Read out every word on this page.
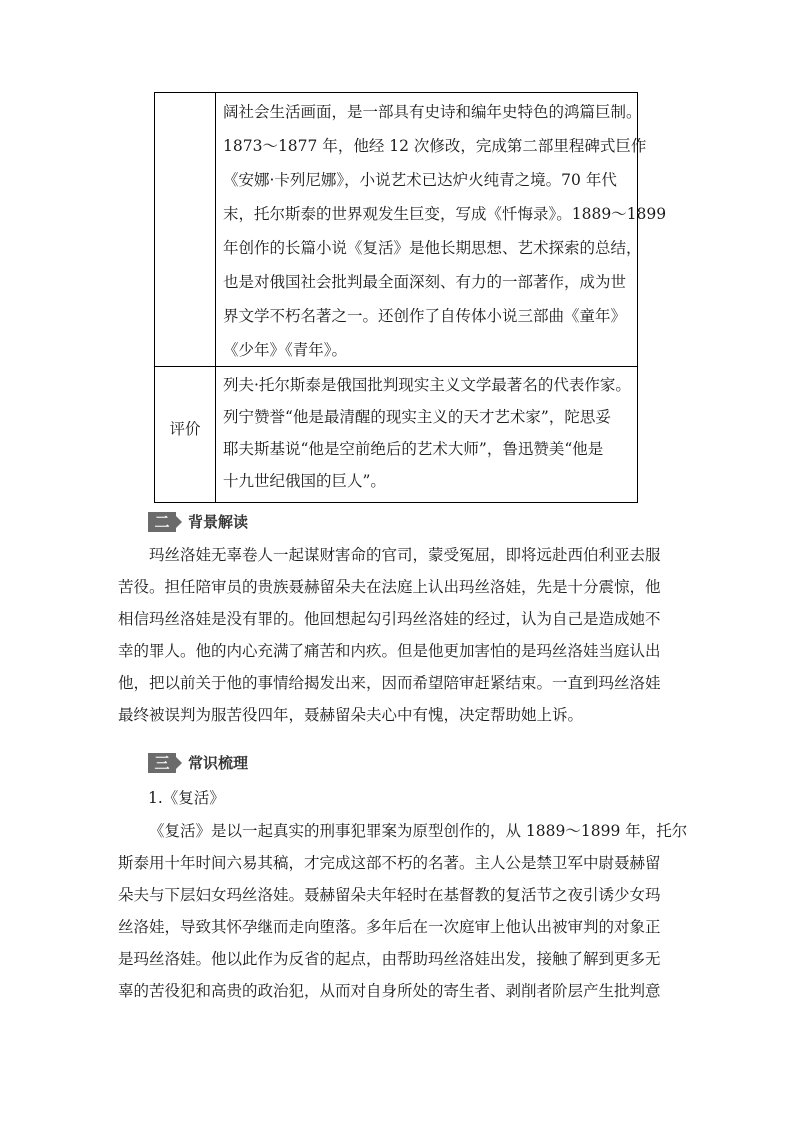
阔社会生活画面，是一部具有史诗和编年史特色的鸿篇巨制。
1873～1877 年，他经 12 次修改，完成第二部里程碑式巨作
《安娜·卡列尼娜》，小说艺术已达炉火纯青之境。70 年代
末，托尔斯泰的世界观发生巨变，写成《忏悔录》。1889～1899
年创作的长篇小说《复活》是他长期思想、艺术探索的总结，
也是对俄国社会批判最全面深刻、有力的一部著作，成为世
界文学不朽名著之一。还创作了自传体小说三部曲《童年》
《少年》《青年》。
评价
列夫·托尔斯泰是俄国批判现实主义文学最著名的代表作家。
列宁赞誉“他是最清醒的现实主义的天才艺术家”，陀思妥
耶夫斯基说“他是空前绝后的艺术大师”，鲁迅赞美“他是
十九世纪俄国的巨人”。
二	背景解读
玛丝洛娃无辜卷人一起谋财害命的官司，蒙受冤屈，即将远赴西伯利亚去服
苦役。担任陪审员的贵族聂赫留朵夫在法庭上认出玛丝洛娃，先是十分震惊，他
相信玛丝洛娃是没有罪的。他回想起勾引玛丝洛娃的经过，认为自己是造成她不
幸的罪人。他的内心充满了痛苦和内疚。但是他更加害怕的是玛丝洛娃当庭认出
他，把以前关于他的事情给揭发出来，因而希望陪审赶紧结束。一直到玛丝洛娃
最终被误判为服苦役四年，聂赫留朵夫心中有愧，决定帮助她上诉。
三	常识梳理
1.《复活》
《复活》是以一起真实的刑事犯罪案为原型创作的，从 1889～1899 年，托尔
斯泰用十年时间六易其稿，才完成这部不朽的名著。主人公是禁卫军中尉聂赫留
朵夫与下层妇女玛丝洛娃。聂赫留朵夫年轻时在基督教的复活节之夜引诱少女玛
丝洛娃，导致其怀孕继而走向堕落。多年后在一次庭审上他认出被审判的对象正
是玛丝洛娃。他以此作为反省的起点，由帮助玛丝洛娃出发，接触了解到更多无
辜的苦役犯和高贵的政治犯，从而对自身所处的寄生者、剥削者阶层产生批判意
